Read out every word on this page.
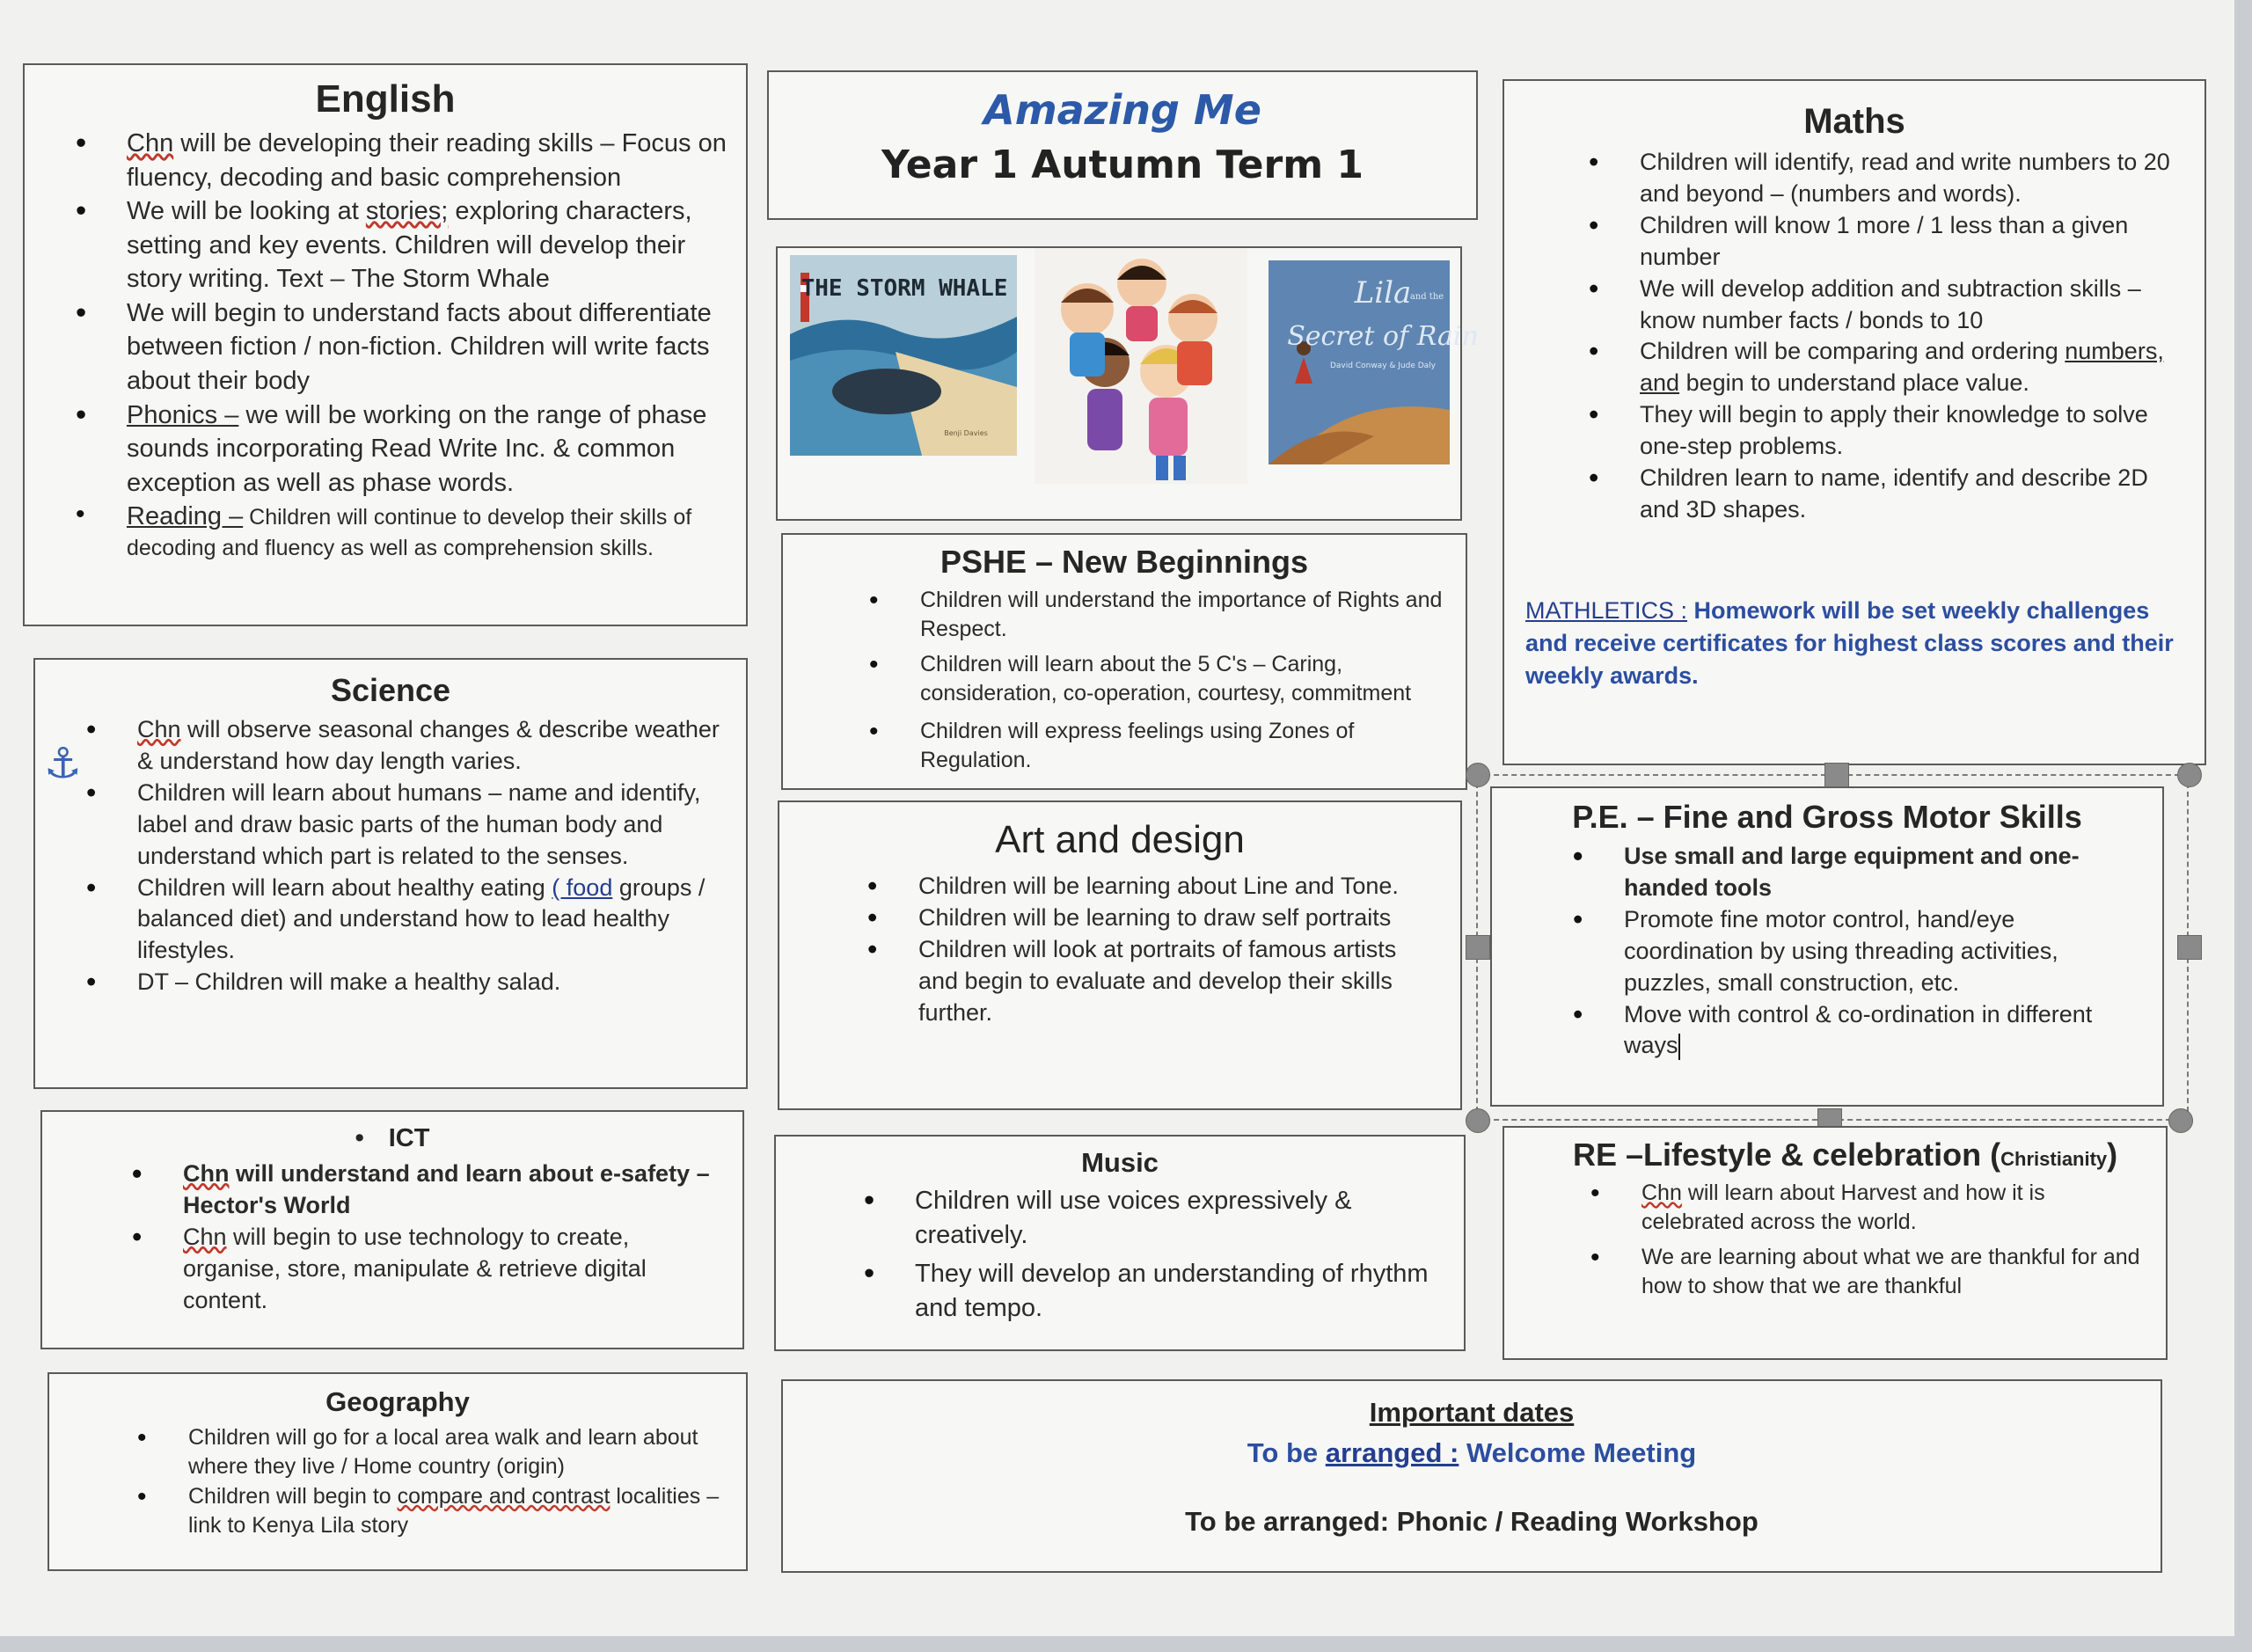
English
• Chn will be developing their reading skills – Focus on fluency, decoding and basic comprehension
• We will be looking at stories; exploring characters, setting and key events. Children will develop their story writing. Text – The Storm Whale
• We will begin to understand facts about differentiate between fiction / non-fiction. Children will write facts about their body
• Phonics – we will be working on the range of phase sounds incorporating Read Write Inc. & common exception as well as phase words.
• Reading – Children will continue to develop their skills of decoding and fluency as well as comprehension skills.
Science
• Chn will observe seasonal changes & describe weather & understand how day length varies.
• Children will learn about humans – name and identify, label and draw basic parts of the human body and understand which part is related to the senses.
• Children will learn about healthy eating ( food groups / balanced diet) and understand how to lead healthy lifestyles.
• DT – Children will make a healthy salad.
⚓
• ICT
• Chn will understand and learn about e-safety – Hector's World
• Chn will begin to use technology to create, organise, store, manipulate & retrieve digital content.
Geography
• Children will go for a local area walk and learn about where they live / Home country (origin)
• Children will begin to compare and contrast localities – link to Kenya Lila story
Amazing Me
Year 1 Autumn Term 1
THE STORM WHALE
Benji Davies
Lila
and the
Secret of Rain
David Conway & Jude Daly
PSHE – New Beginnings
• Children will understand the importance of Rights and Respect.
• Children will learn about the 5 C's – Caring, consideration, co-operation, courtesy, commitment
• Children will express feelings using Zones of Regulation.
Art and design
• Children will be learning about Line and Tone.
• Children will be learning to draw self portraits
• Children will look at portraits of famous artists and begin to evaluate and develop their skills further.
Music
• Children will use voices expressively & creatively.
• They will develop an understanding of rhythm and tempo.
Important dates
To be arranged : Welcome Meeting
To be arranged: Phonic / Reading Workshop
Maths
• Children will identify, read and write numbers to 20 and beyond – (numbers and words).
• Children will know 1 more / 1 less than a given number
• We will develop addition and subtraction skills – know number facts / bonds to 10
• Children will be comparing and ordering numbers, and begin to understand place value.
• They will begin to apply their knowledge to solve one-step problems.
• Children learn to name, identify and describe 2D and 3D shapes.
MATHLETICS : Homework will be set weekly challenges and receive certificates for highest class scores and their weekly awards.
P.E. – Fine and Gross Motor Skills
• Use small and large equipment and one-handed tools
• Promote fine motor control, hand/eye coordination by using threading activities, puzzles, small construction, etc.
• Move with control & co-ordination in different ways
RE –Lifestyle & celebration (Christianity)
• Chn will learn about Harvest and how it is celebrated across the world.
• We are learning about what we are thankful for and how to show that we are thankful
